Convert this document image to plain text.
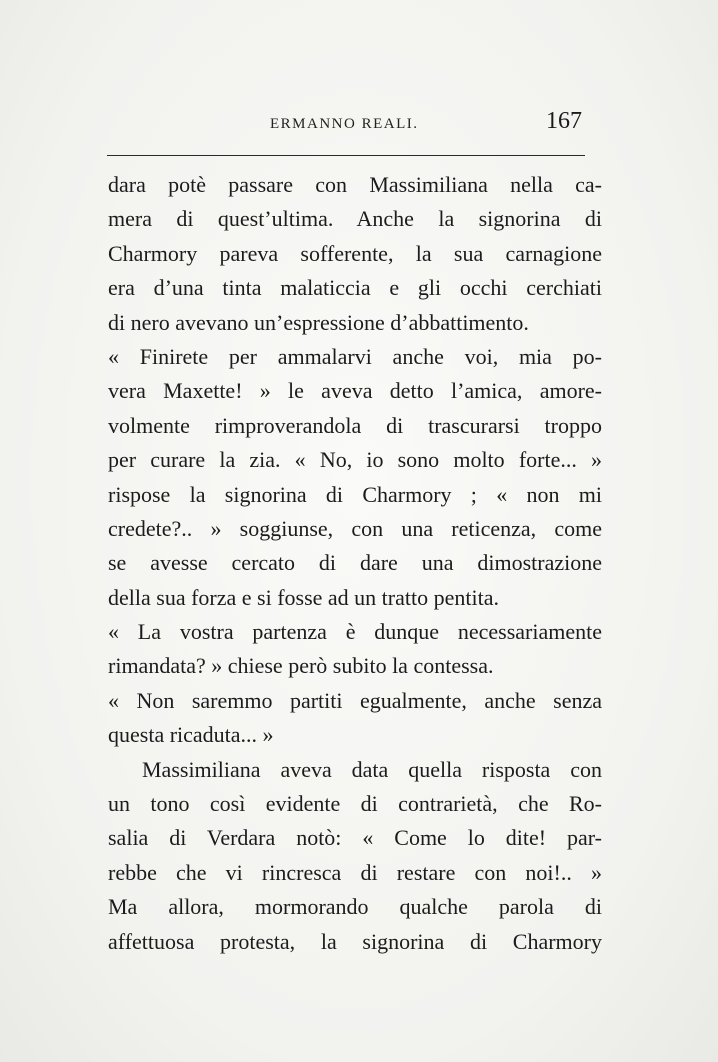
ERMANNO REALI.	167
dara potè passare con Massimiliana nella ca-
mera di quest’ultima. Anche la signorina di
Charmory pareva sofferente, la sua carnagione
era d’una tinta malaticcia e gli occhi cerchiati
di nero avevano un’espressione d’abbattimento.
« Finirete per ammalarvi anche voi, mia po-
vera Maxette! » le aveva detto l’amica, amore-
volmente rimproverandola di trascurarsi troppo
per curare la zia. « No, io sono molto forte... »
rispose la signorina di Charmory ; « non mi
credete?.. » soggiunse, con una reticenza, come
se avesse cercato di dare una dimostrazione
della sua forza e si fosse ad un tratto pentita.
« La vostra partenza è dunque necessariamente
rimandata? » chiese però subito la contessa.
« Non saremmo partiti egualmente, anche senza
questa ricaduta... »
Massimiliana aveva data quella risposta con
un tono così evidente di contrarietà, che Ro-
salia di Verdara notò: « Come lo dite! par-
rebbe che vi rincresca di restare con noi!.. »
Ma allora, mormorando qualche parola di
affettuosa protesta, la signorina di Charmory
